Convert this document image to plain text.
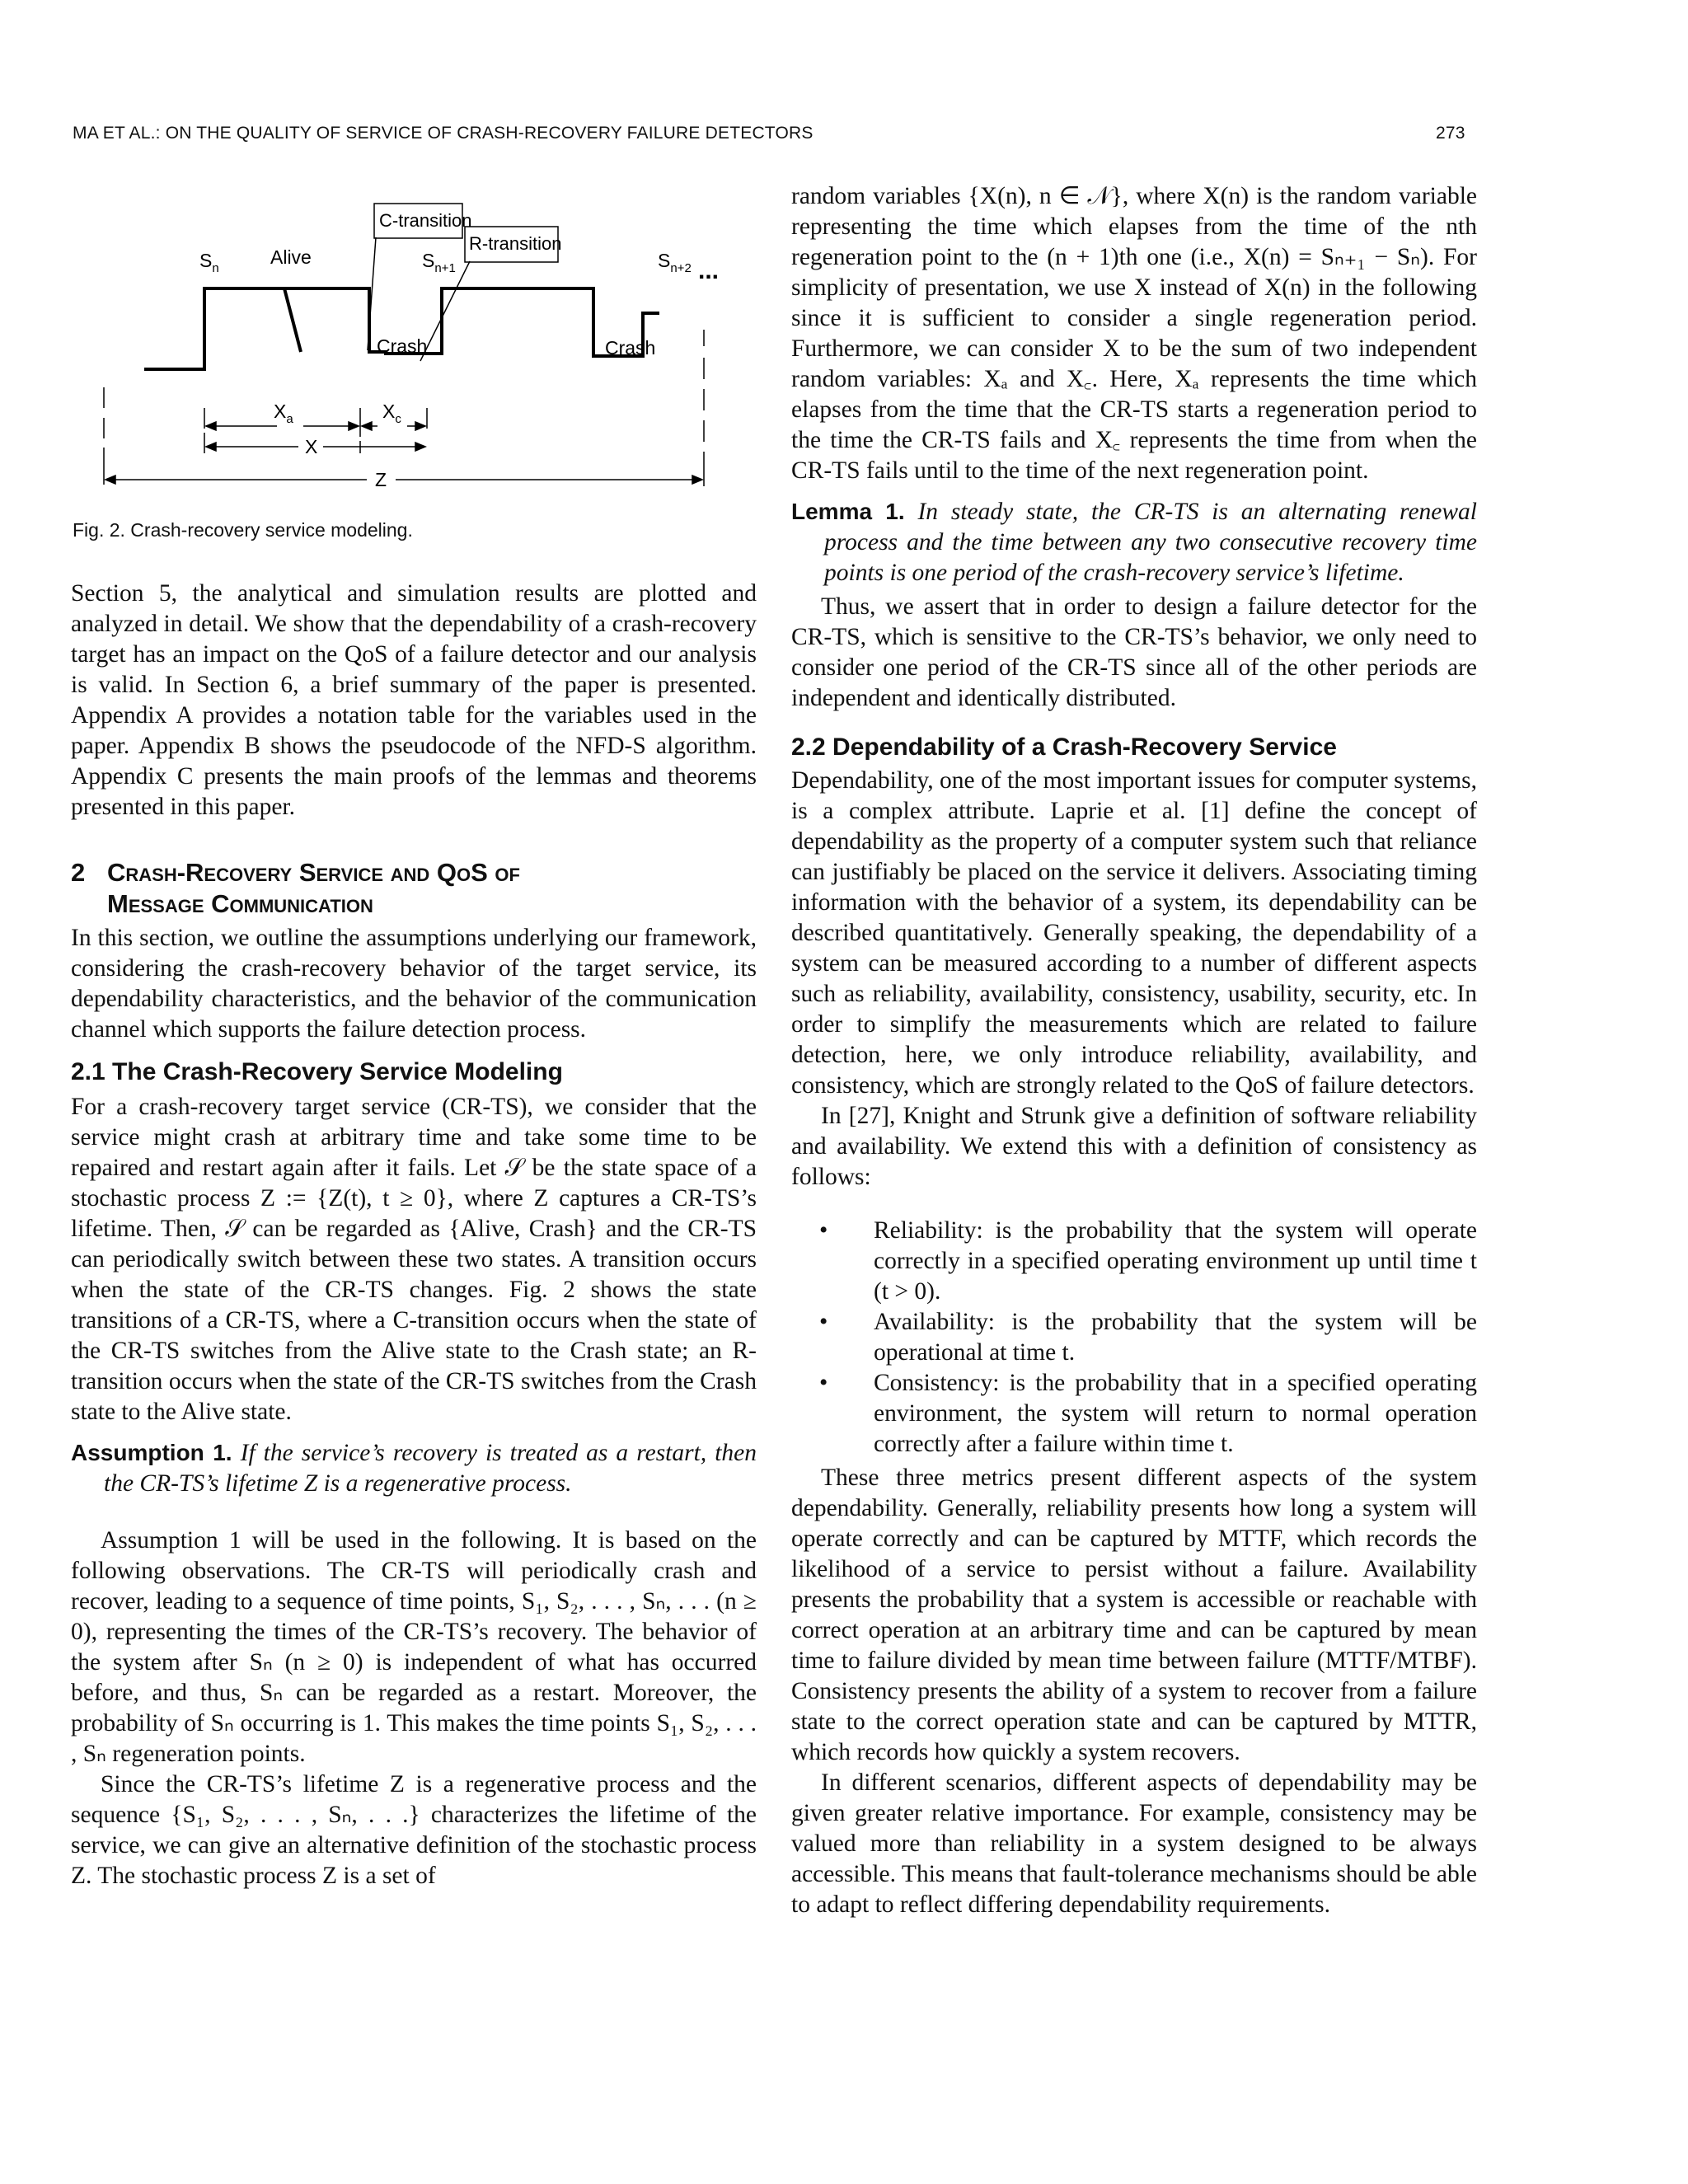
MA ET AL.: ON THE QUALITY OF SERVICE OF CRASH-RECOVERY FAILURE DETECTORS	273
$S_n$
Alive
C-transition
R-transition
$S_{n+1}$	$S_{n+2}$ ...
Crash	Crash
$X_a$	$X_c$
X
Z
Fig. 2. Crash-recovery service modeling.

Section 5, the analytical and simulation results are plotted and analyzed in detail. We show that the dependability of a crash-recovery target has an impact on the QoS of a failure detector and our analysis is valid. In Section 6, a brief summary of the paper is presented. Appendix A provides a notation table for the variables used in the paper. Appendix B shows the pseudocode of the NFD-S algorithm. Appendix C presents the main proofs of the lemmas and theorems presented in this paper.

2 Crash-Recovery Service and QoS of
Message Communication

In this section, we outline the assumptions underlying our framework, considering the crash-recovery behavior of the target service, its dependability characteristics, and the behavior of the communication channel which supports the failure detection process.

2.1 The Crash-Recovery Service Modeling

For a crash-recovery target service (CR-TS), we consider that the service might crash at arbitrary time and take some time to be repaired and restart again after it fails. Let 𝒮 be the state space of a stochastic process Z := {Z(t), t ≥ 0}, where Z captures a CR-TS’s lifetime. Then, 𝒮 can be regarded as {Alive, Crash} and the CR-TS can periodically switch between these two states. A transition occurs when the state of the CR-TS changes. Fig. 2 shows the state transitions of a CR-TS, where a C-transition occurs when the state of the CR-TS switches from the Alive state to the Crash state; an R-transition occurs when the state of the CR-TS switches from the Crash state to the Alive state.

Assumption 1. If the service’s recovery is treated as a restart, then the CR-TS’s lifetime Z is a regenerative process.

Assumption 1 will be used in the following. It is based on the following observations. The CR-TS will periodically crash and recover, leading to a sequence of time points, S₁, S₂, . . . , Sₙ, . . . (n ≥ 0), representing the times of the CR-TS’s recovery. The behavior of the system after Sₙ (n ≥ 0) is independent of what has occurred before, and thus, Sₙ can be regarded as a restart. Moreover, the probability of Sₙ occurring is 1. This makes the time points S₁, S₂, . . . , Sₙ regeneration points.

Since the CR-TS’s lifetime Z is a regenerative process and the sequence {S₁, S₂, . . . , Sₙ, . . .} characterizes the lifetime of the service, we can give an alternative definition of the stochastic process Z. The stochastic process Z is a set of

random variables {X(n), n ∈ 𝒩}, where X(n) is the random variable representing the time which elapses from the time of the nth regeneration point to the (n + 1)th one (i.e., X(n) = Sₙ₊₁ − Sₙ). For simplicity of presentation, we use X instead of X(n) in the following since it is sufficient to consider a single regeneration period. Furthermore, we can consider X to be the sum of two independent random variables: Xₐ and X꜀. Here, Xₐ represents the time which elapses from the time that the CR-TS starts a regeneration period to the time the CR-TS fails and X꜀ represents the time from when the CR-TS fails until to the time of the next regeneration point.

Lemma 1. In steady state, the CR-TS is an alternating renewal process and the time between any two consecutive recovery time points is one period of the crash-recovery service’s lifetime.

Thus, we assert that in order to design a failure detector for the CR-TS, which is sensitive to the CR-TS’s behavior, we only need to consider one period of the CR-TS since all of the other periods are independent and identically distributed.

2.2 Dependability of a Crash-Recovery Service

Dependability, one of the most important issues for computer systems, is a complex attribute. Laprie et al. [1] define the concept of dependability as the property of a computer system such that reliance can justifiably be placed on the service it delivers. Associating timing information with the behavior of a system, its dependability can be described quantitatively. Generally speaking, the dependability of a system can be measured according to a number of different aspects such as reliability, availability, consistency, usability, security, etc. In order to simplify the measurements which are related to failure detection, here, we only introduce reliability, availability, and consistency, which are strongly related to the QoS of failure detectors.

In [27], Knight and Strunk give a definition of software reliability and availability. We extend this with a definition of consistency as follows:

• Reliability: is the probability that the system will operate correctly in a specified operating environment up until time t (t > 0).
• Availability: is the probability that the system will be operational at time t.
• Consistency: is the probability that in a specified operating environment, the system will return to normal operation correctly after a failure within time t.

These three metrics present different aspects of the system dependability. Generally, reliability presents how long a system will operate correctly and can be captured by MTTF, which records the likelihood of a service to persist without a failure. Availability presents the probability that a system is accessible or reachable with correct operation at an arbitrary time and can be captured by mean time to failure divided by mean time between failure (MTTF/MTBF). Consistency presents the ability of a system to recover from a failure state to the correct operation state and can be captured by MTTR, which records how quickly a system recovers.

In different scenarios, different aspects of dependability may be given greater relative importance. For example, consistency may be valued more than reliability in a system designed to be always accessible. This means that fault-tolerance mechanisms should be able to adapt to reflect differing dependability requirements.
